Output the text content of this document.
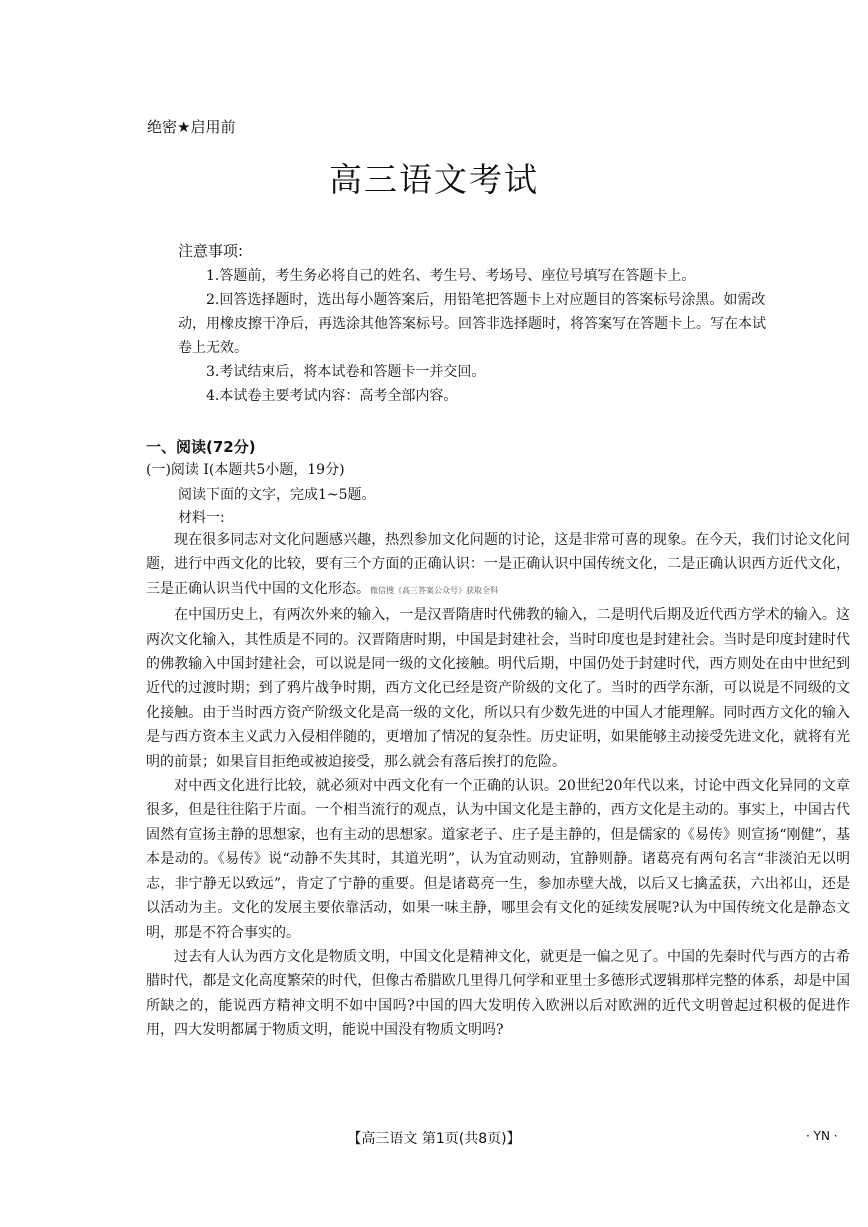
绝密★启用前
高三语文考试
注意事项:

1.答题前，考生务必将自己的姓名、考生号、考场号、座位号填写在答题卡上。

2.回答选择题时，选出每小题答案后，用铅笔把答题卡上对应题目的答案标号涂黑。如需改动，用橡皮擦干净后，再选涂其他答案标号。回答非选择题时，将答案写在答题卡上。写在本试卷上无效。

3.考试结束后，将本试卷和答题卡一并交回。

4.本试卷主要考试内容：高考全部内容。

一、阅读(72分)
(一)阅读 I(本题共5小题，19分)
阅读下面的文字，完成1~5题。
材料一:

现在很多同志对文化问题感兴趣，热烈参加文化问题的讨论，这是非常可喜的现象。在今天，我们讨论文化问题，进行中西文化的比较，要有三个方面的正确认识：一是正确认识中国传统文化，二是正确认识西方近代文化，三是正确认识当代中国的文化形态。微信搜《高三答案公众号》获取全科

在中国历史上，有两次外来的输入，一是汉晋隋唐时代佛教的输入，二是明代后期及近代西方学术的输入。这两次文化输入，其性质是不同的。汉晋隋唐时期，中国是封建社会，当时印度也是封建社会。当时是印度封建时代的佛教输入中国封建社会，可以说是同一级的文化接触。明代后期，中国仍处于封建时代，西方则处在由中世纪到近代的过渡时期；到了鸦片战争时期，西方文化已经是资产阶级的文化了。当时的西学东渐，可以说是不同级的文化接触。由于当时西方资产阶级文化是高一级的文化，所以只有少数先进的中国人才能理解。同时西方文化的输入是与西方资本主义武力入侵相伴随的，更增加了情况的复杂性。历史证明，如果能够主动接受先进文化，就将有光明的前景；如果盲目拒绝或被迫接受，那么就会有落后挨打的危险。

对中西文化进行比较，就必须对中西文化有一个正确的认识。20世纪20年代以来，讨论中西文化异同的文章很多，但是往往陷于片面。一个相当流行的观点，认为中国文化是主静的，西方文化是主动的。事实上，中国古代固然有宣扬主静的思想家，也有主动的思想家。道家老子、庄子是主静的，但是儒家的《易传》则宣扬“刚健”，基本是动的。《易传》说“动静不失其时，其道光明”，认为宜动则动，宜静则静。诸葛亮有两句名言“非淡泊无以明志，非宁静无以致远”，肯定了宁静的重要。但是诸葛亮一生，参加赤壁大战，以后又七擒孟获，六出祁山，还是以活动为主。文化的发展主要依靠活动，如果一味主静，哪里会有文化的延续发展呢?认为中国传统文化是静态文明，那是不符合事实的。

过去有人认为西方文化是物质文明，中国文化是精神文化，就更是一偏之见了。中国的先秦时代与西方的古希腊时代，都是文化高度繁荣的时代，但像古希腊欧几里得几何学和亚里士多德形式逻辑那样完整的体系，却是中国所缺之的，能说西方精神文明不如中国吗?中国的四大发明传入欧洲以后对欧洲的近代文明曾起过积极的促进作用，四大发明都属于物质文明，能说中国没有物质文明吗?

【高三语文 第1页(共8页)】	· YN ·
